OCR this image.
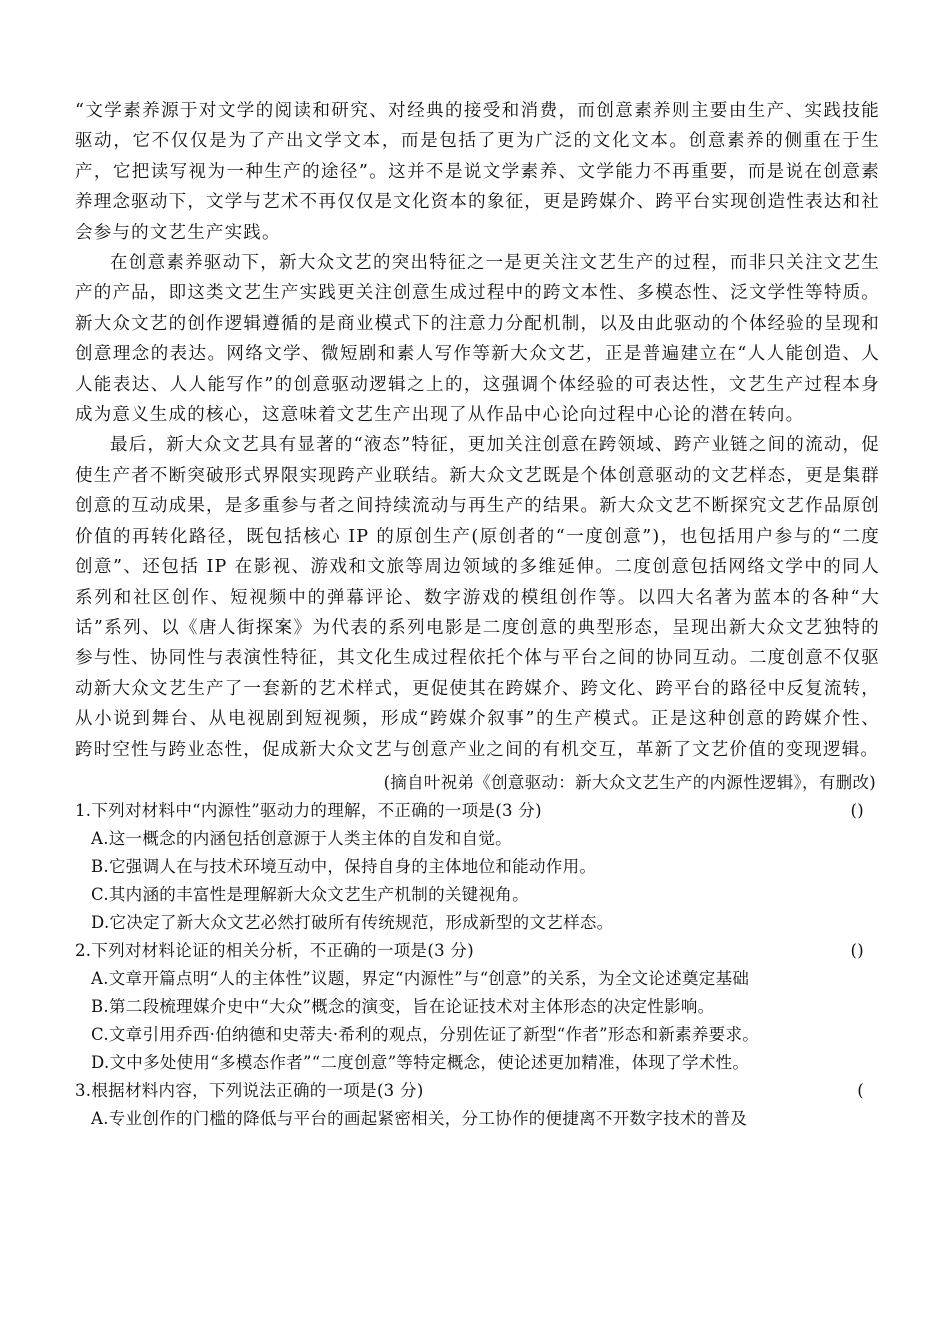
“文学素养源于对文学的阅读和研究、对经典的接受和消费，而创意素养则主要由生产、实践技能驱动，它不仅仅是为了产出文学文本，而是包括了更为广泛的文化文本。创意素养的侧重在于生产，它把读写视为一种生产的途径”。这并不是说文学素养、文学能力不再重要，而是说在创意素养理念驱动下，文学与艺术不再仅仅是文化资本的象征，更是跨媒介、跨平台实现创造性表达和社会参与的文艺生产实践。

在创意素养驱动下，新大众文艺的突出特征之一是更关注文艺生产的过程，而非只关注文艺生产的产品，即这类文艺生产实践更关注创意生成过程中的跨文本性、多模态性、泛文学性等特质。新大众文艺的创作逻辑遵循的是商业模式下的注意力分配机制，以及由此驱动的个体经验的呈现和创意理念的表达。网络文学、微短剧和素人写作等新大众文艺，正是普遍建立在“人人能创造、人人能表达、人人能写作”的创意驱动逻辑之上的，这强调个体经验的可表达性，文艺生产过程本身成为意义生成的核心，这意味着文艺生产出现了从作品中心论向过程中心论的潜在转向。

最后，新大众文艺具有显著的“液态”特征，更加关注创意在跨领域、跨产业链之间的流动，促使生产者不断突破形式界限实现跨产业联结。新大众文艺既是个体创意驱动的文艺样态，更是集群创意的互动成果，是多重参与者之间持续流动与再生产的结果。新大众文艺不断探究文艺作品原创价值的再转化路径，既包括核心 IP 的原创生产(原创者的“一度创意”)，也包括用户参与的“二度创意”、还包括 IP 在影视、游戏和文旅等周边领域的多维延伸。二度创意包括网络文学中的同人系列和社区创作、短视频中的弹幕评论、数字游戏的模组创作等。以四大名著为蓝本的各种“大话”系列、以《唐人街探案》为代表的系列电影是二度创意的典型形态，呈现出新大众文艺独特的参与性、协同性与表演性特征，其文化生成过程依托个体与平台之间的协同互动。二度创意不仅驱动新大众文艺生产了一套新的艺术样式，更促使其在跨媒介、跨文化、跨平台的路径中反复流转，从小说到舞台、从电视剧到短视频，形成“跨媒介叙事”的生产模式。正是这种创意的跨媒介性、跨时空性与跨业态性，促成新大众文艺与创意产业之间的有机交互，革新了文艺价值的变现逻辑。

(摘自叶祝弟《创意驱动：新大众文艺生产的内源性逻辑》，有删改)
1.下列对材料中“内源性”驱动力的理解，不正确的一项是(3 分)	()
A.这一概念的内涵包括创意源于人类主体的自发和自觉。
B.它强调人在与技术环境互动中，保持自身的主体地位和能动作用。
C.其内涵的丰富性是理解新大众文艺生产机制的关键视角。
D.它决定了新大众文艺必然打破所有传统规范，形成新型的文艺样态。
2.下列对材料论证的相关分析，不正确的一项是(3 分)	()
A.文章开篇点明“人的主体性”议题，界定“内源性”与“创意”的关系，为全文论述奠定基础
B.第二段梳理媒介史中“大众”概念的演变，旨在论证技术对主体形态的决定性影响。
C.文章引用乔西·伯纳德和史蒂夫·希利的观点，分别佐证了新型“作者”形态和新素养要求。
D.文中多处使用“多模态作者”“二度创意”等特定概念，使论述更加精准，体现了学术性。
3.根据材料内容，下列说法正确的一项是(3 分)	(
A.专业创作的门槛的降低与平台的画起紧密相关，分工协作的便捷离不开数字技术的普及
